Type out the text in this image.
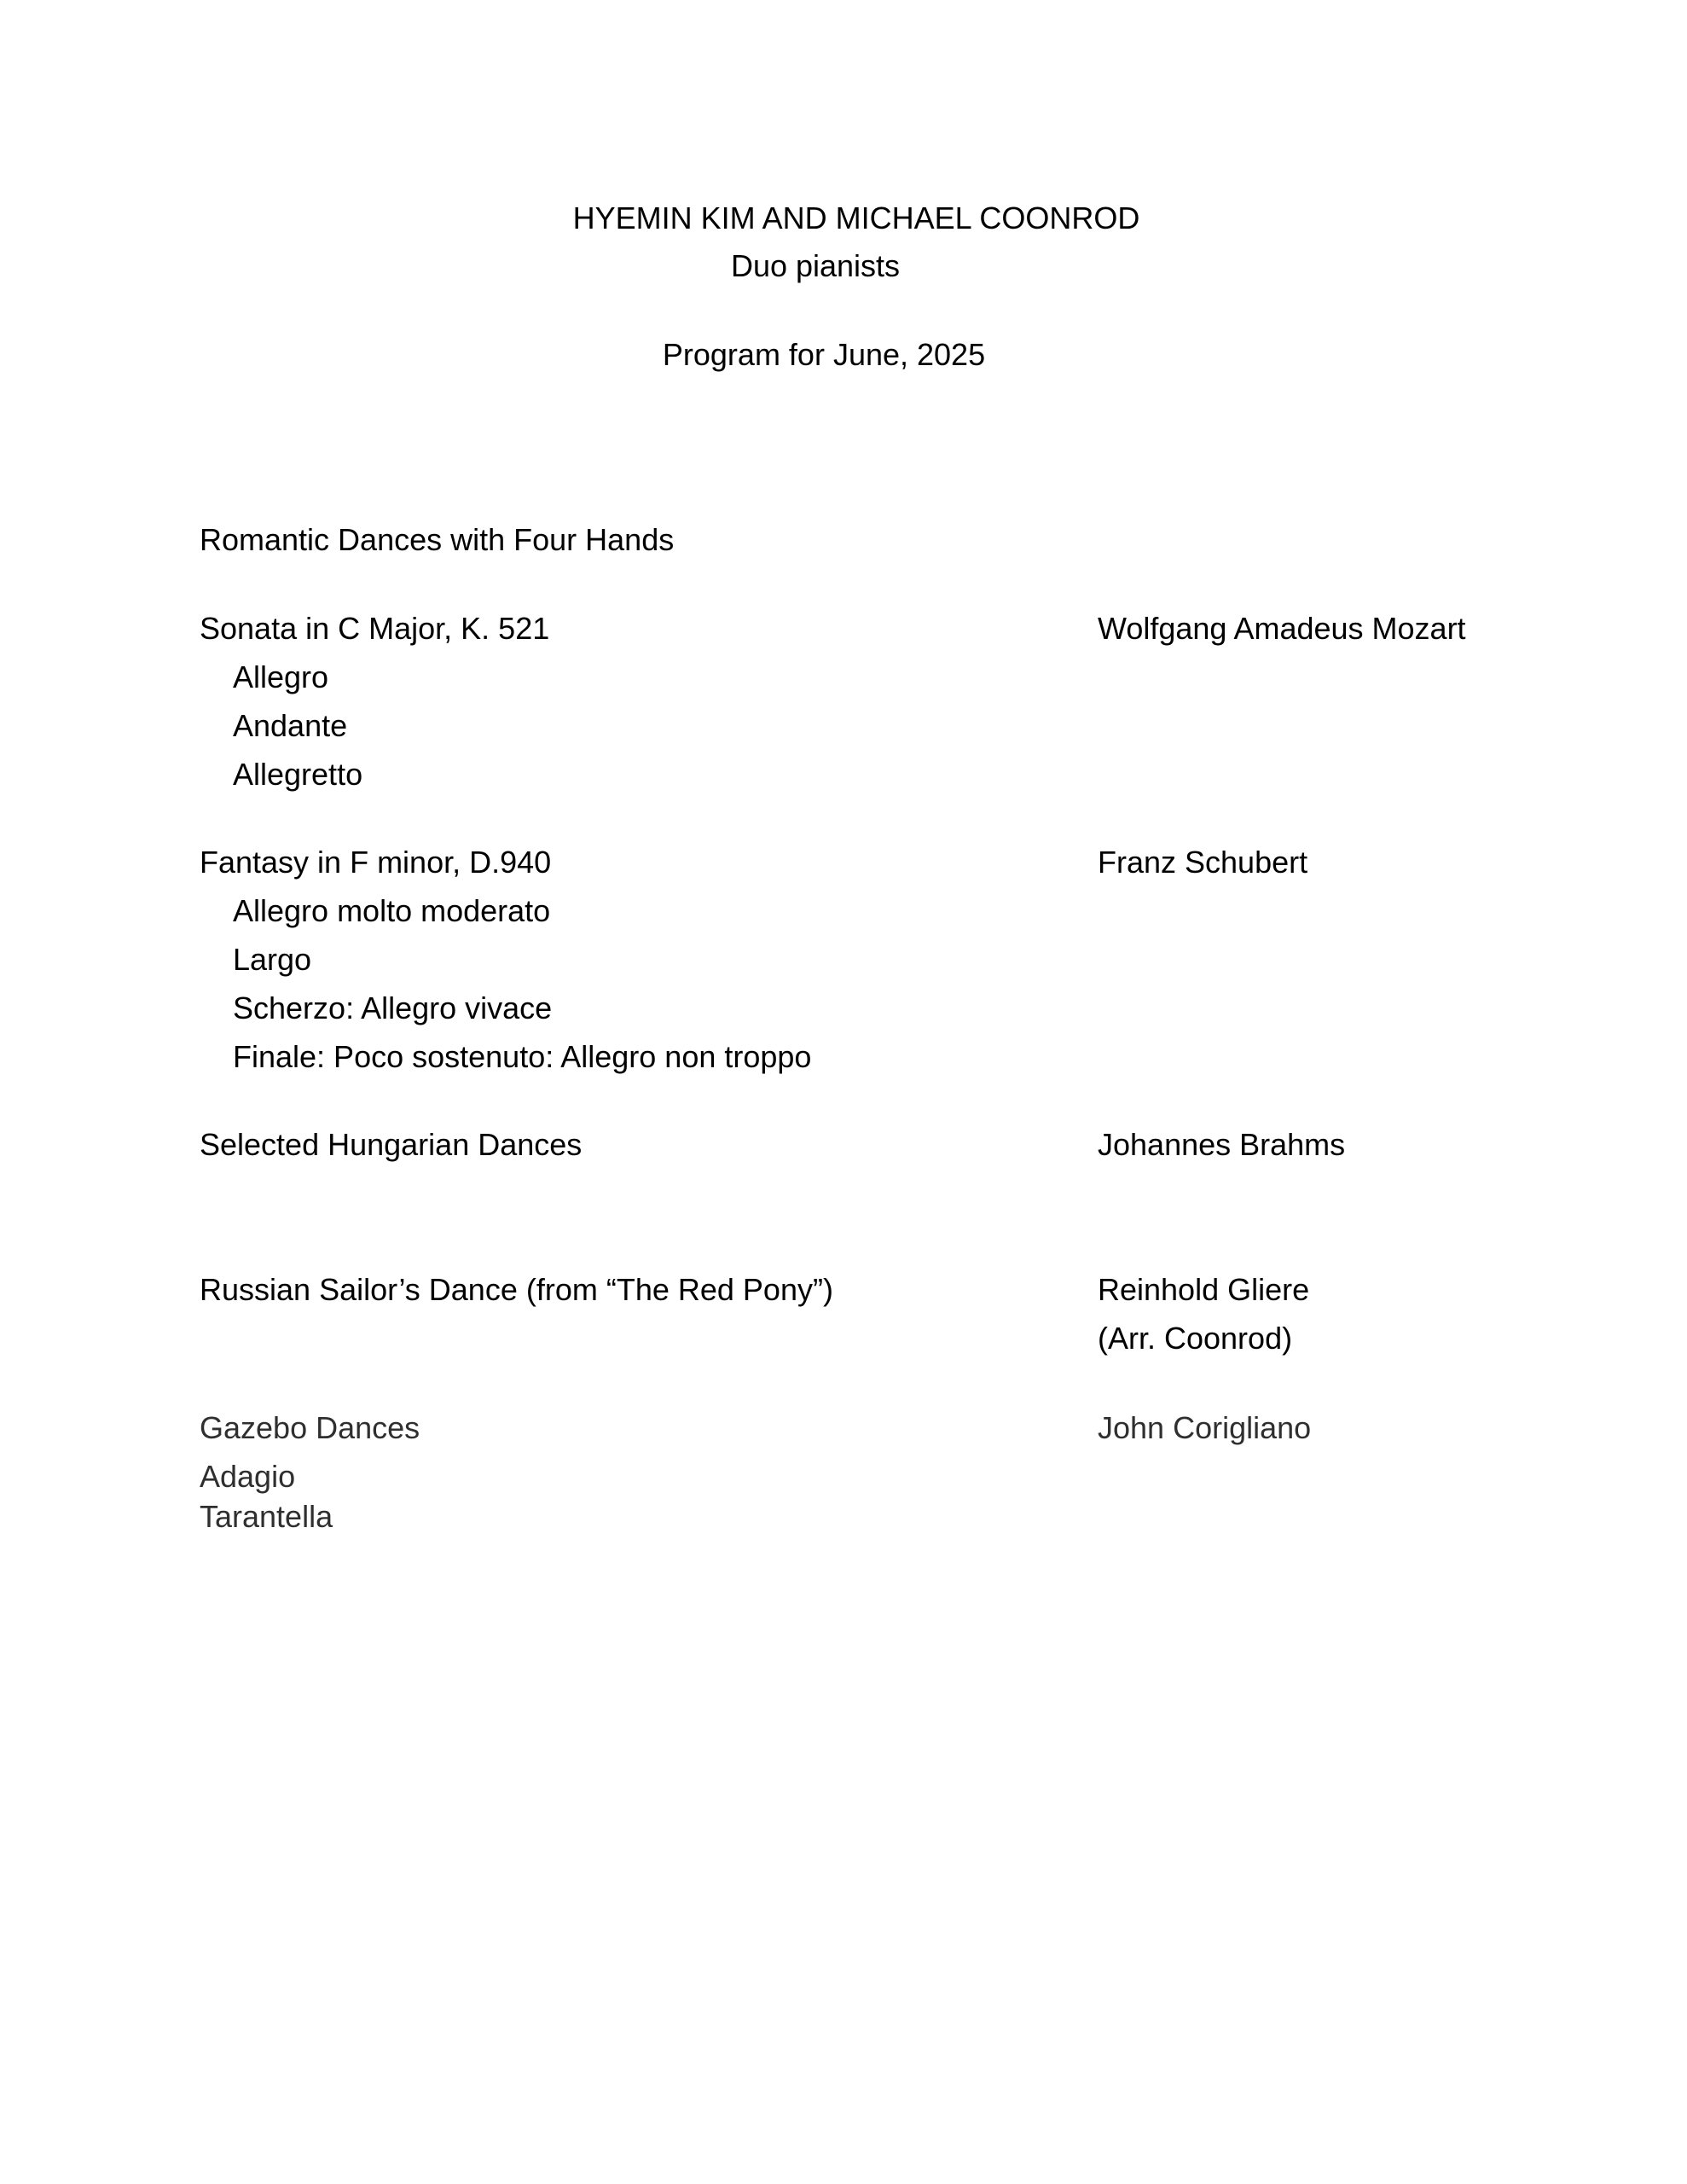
HYEMIN KIM AND MICHAEL COONROD
Duo pianists
Program for June, 2025
Romantic Dances with Four Hands
Sonata in C Major, K. 521	Wolfgang Amadeus Mozart
Allegro
Andante
Allegretto
Fantasy in F minor, D.940	Franz Schubert
Allegro molto moderato
Largo
Scherzo: Allegro vivace
Finale: Poco sostenuto: Allegro non troppo
Selected Hungarian Dances	Johannes Brahms
Russian Sailor’s Dance (from “The Red Pony”)	Reinhold Gliere
(Arr. Coonrod)
Gazebo Dances	John Corigliano
Adagio
Tarantella
